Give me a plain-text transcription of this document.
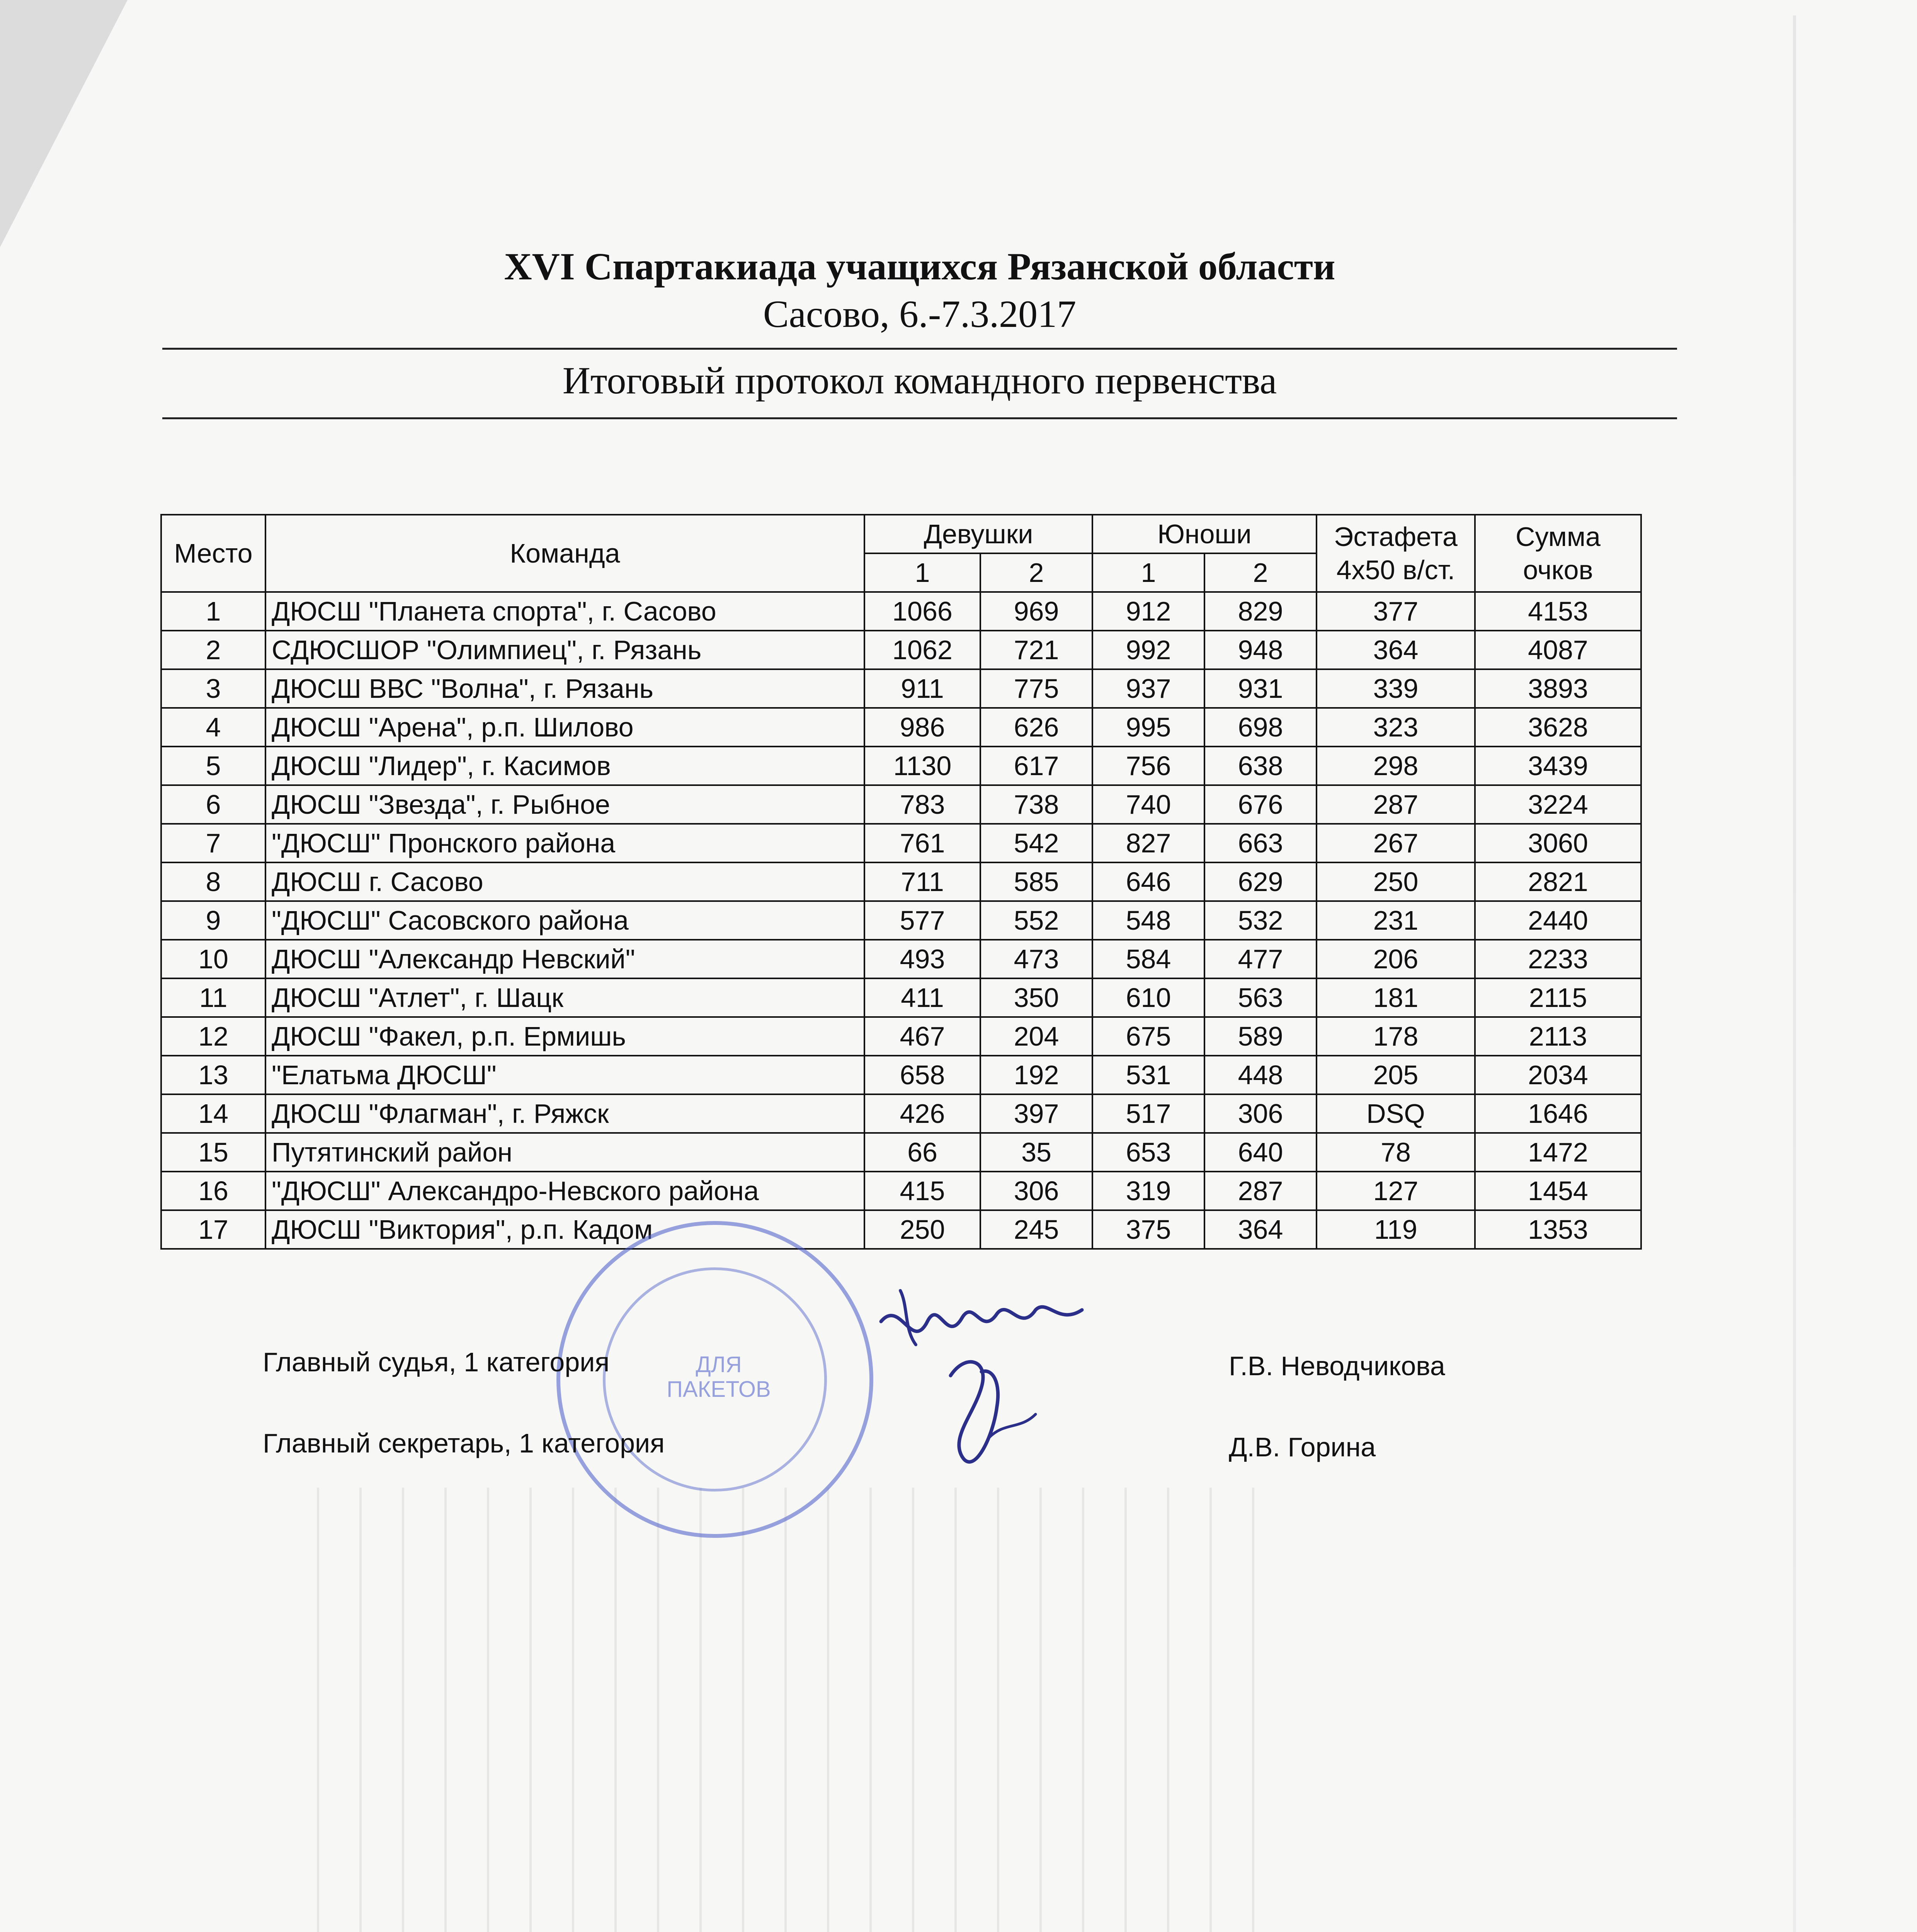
XVI Спартакиада учащихся Рязанской области
Сасово, 6.-7.3.2017
Итоговый протокол командного первенства
Место	Команда	Девушки		Юноши		Эстафета 4х50 в/ст.	Сумма очков
		1	2	1	2		
1	ДЮСШ "Планета спорта", г. Сасово	1066	969	912	829	377	4153
2	СДЮСШОР "Олимпиец", г. Рязань	1062	721	992	948	364	4087
3	ДЮСШ ВВС "Волна", г. Рязань	911	775	937	931	339	3893
4	ДЮСШ "Арена", р.п. Шилово	986	626	995	698	323	3628
5	ДЮСШ "Лидер", г. Касимов	1130	617	756	638	298	3439
6	ДЮСШ "Звезда", г. Рыбное	783	738	740	676	287	3224
7	"ДЮСШ" Пронского района	761	542	827	663	267	3060
8	ДЮСШ г. Сасово	711	585	646	629	250	2821
9	"ДЮСШ" Сасовского района	577	552	548	532	231	2440
10	ДЮСШ "Александр Невский"	493	473	584	477	206	2233
11	ДЮСШ "Атлет", г. Шацк	411	350	610	563	181	2115
12	ДЮСШ "Факел, р.п. Ермишь	467	204	675	589	178	2113
13	"Елатьма ДЮСШ"	658	192	531	448	205	2034
14	ДЮСШ "Флагман", г. Ряжск	426	397	517	306	DSQ	1646
15	Путятинский район	66	35	653	640	78	1472
16	"ДЮСШ" Александро-Невского района	415	306	319	287	127	1454
17	ДЮСШ "Виктория", р.п. Кадом	250	245	375	364	119	1353
ДЛЯ ПАКЕТОВ
Главный судья, 1 категория	Г.В. Неводчикова
Главный секретарь, 1 категория	Д.В. Горина
